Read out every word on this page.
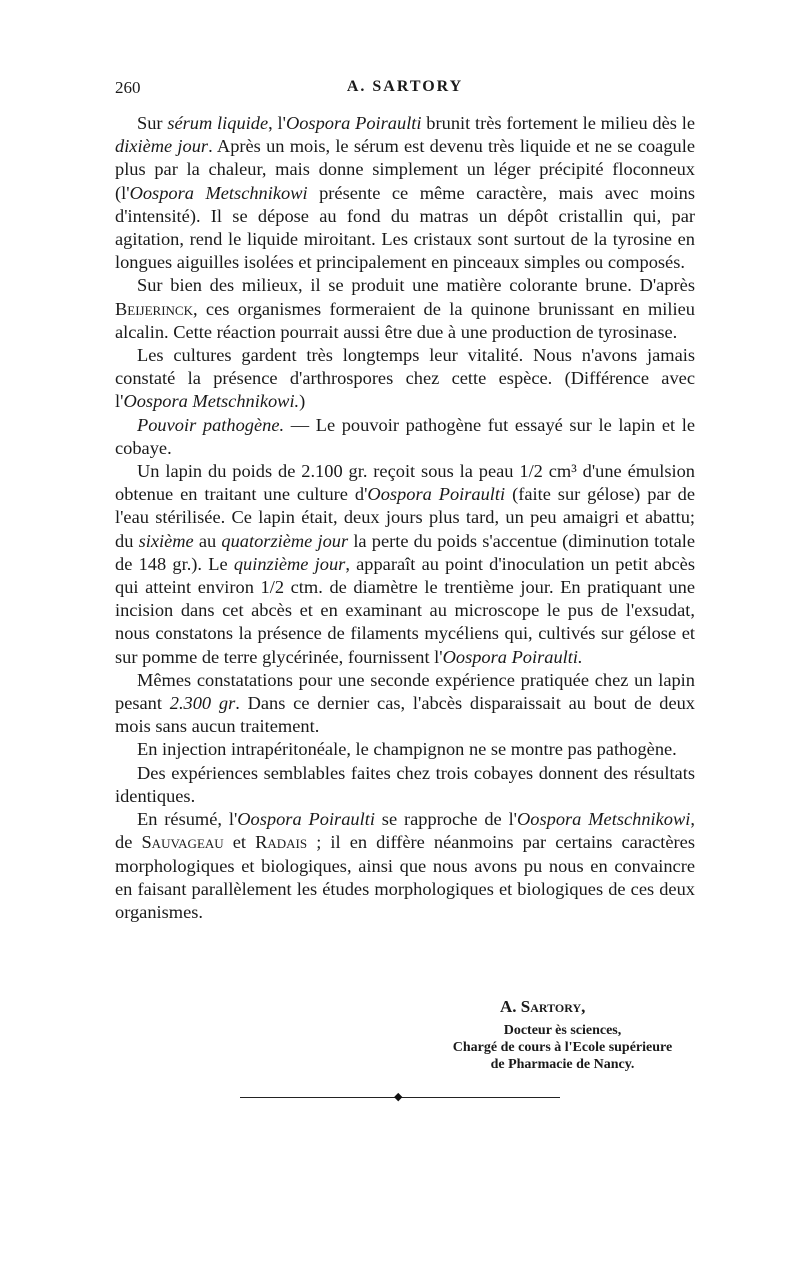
260	A. SARTORY

Sur sérum liquide, l'Oospora Poiraulti brunit très fortement le milieu dès le dixième jour. Après un mois, le sérum est devenu très liquide et ne se coagule plus par la chaleur, mais donne simplement un léger précipité floconneux (l'Oospora Metschnikowi présente ce même caractère, mais avec moins d'intensité). Il se dépose au fond du matras un dépôt cristallin qui, par agitation, rend le liquide miroitant. Les cristaux sont surtout de la tyrosine en longues aiguilles isolées et principalement en pinceaux simples ou composés.

Sur bien des milieux, il se produit une matière colorante brune. D'après Beijerinck, ces organismes formeraient de la quinone brunissant en milieu alcalin. Cette réaction pourrait aussi être due à une production de tyrosinase.

Les cultures gardent très longtemps leur vitalité. Nous n'avons jamais constaté la présence d'arthrospores chez cette espèce. (Différence avec l'Oospora Metschnikowi.)

Pouvoir pathogène. — Le pouvoir pathogène fut essayé sur le lapin et le cobaye.

Un lapin du poids de 2.100 gr. reçoit sous la peau 1/2 cm³ d'une émulsion obtenue en traitant une culture d'Oospora Poiraulti (faite sur gélose) par de l'eau stérilisée. Ce lapin était, deux jours plus tard, un peu amaigri et abattu; du sixième au quatorzième jour la perte du poids s'accentue (diminution totale de 148 gr.). Le quinzième jour, apparaît au point d'inoculation un petit abcès qui atteint environ 1/2 ctm. de diamètre le trentième jour. En pratiquant une incision dans cet abcès et en examinant au microscope le pus de l'exsudat, nous constatons la présence de filaments mycéliens qui, cultivés sur gélose et sur pomme de terre glycérinée, fournissent l'Oospora Poiraulti.

Mêmes constatations pour une seconde expérience pratiquée chez un lapin pesant 2.300 gr. Dans ce dernier cas, l'abcès disparaissait au bout de deux mois sans aucun traitement.

En injection intrapéritonéale, le champignon ne se montre pas pathogène.

Des expériences semblables faites chez trois cobayes donnent des résultats identiques.

En résumé, l'Oospora Poiraulti se rapproche de l'Oospora Metschnikowi, de Sauvageau et Radais ; il en diffère néanmoins par certains caractères morphologiques et biologiques, ainsi que nous avons pu nous en convaincre en faisant parallèlement les études morphologiques et biologiques de ces deux organismes.

A. Sartory,
Docteur ès sciences,
Chargé de cours à l'Ecole supérieure
de Pharmacie de Nancy.
◆
